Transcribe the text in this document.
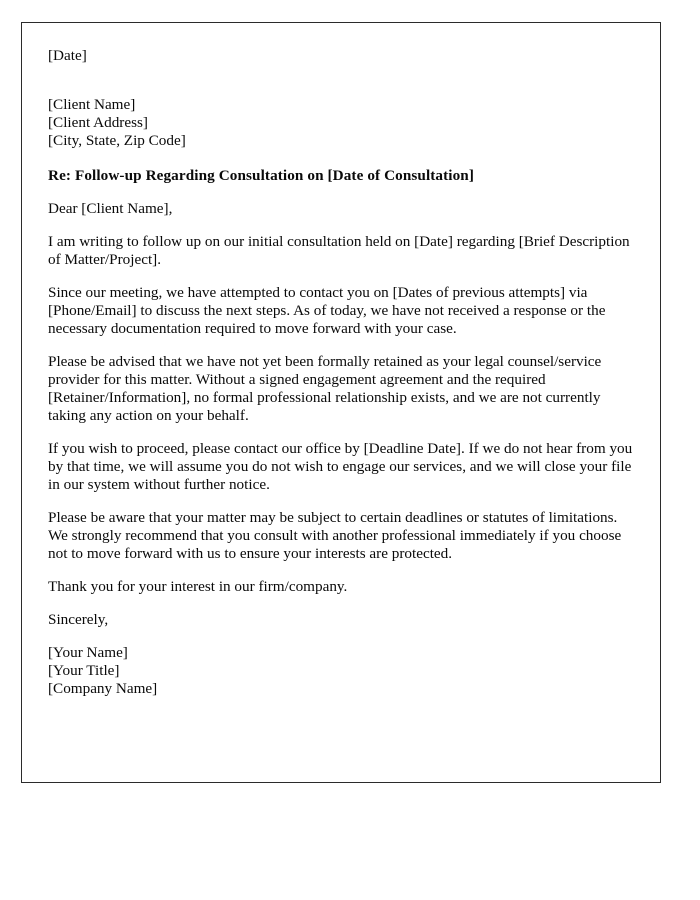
[Date]
[Client Name]
[Client Address]
[City, State, Zip Code]

Re: Follow-up Regarding Consultation on [Date of Consultation]

Dear [Client Name],

I am writing to follow up on our initial consultation held on [Date] regarding [Brief Description of Matter/Project].

Since our meeting, we have attempted to contact you on [Dates of previous attempts] via [Phone/Email] to discuss the next steps. As of today, we have not received a response or the necessary documentation required to move forward with your case.

Please be advised that we have not yet been formally retained as your legal counsel/service provider for this matter. Without a signed engagement agreement and the required [Retainer/Information], no formal professional relationship exists, and we are not currently taking any action on your behalf.

If you wish to proceed, please contact our office by [Deadline Date]. If we do not hear from you by that time, we will assume you do not wish to engage our services, and we will close your file in our system without further notice.

Please be aware that your matter may be subject to certain deadlines or statutes of limitations. We strongly recommend that you consult with another professional immediately if you choose not to move forward with us to ensure your interests are protected.

Thank you for your interest in our firm/company.

Sincerely,

[Your Name]
[Your Title]
[Company Name]
